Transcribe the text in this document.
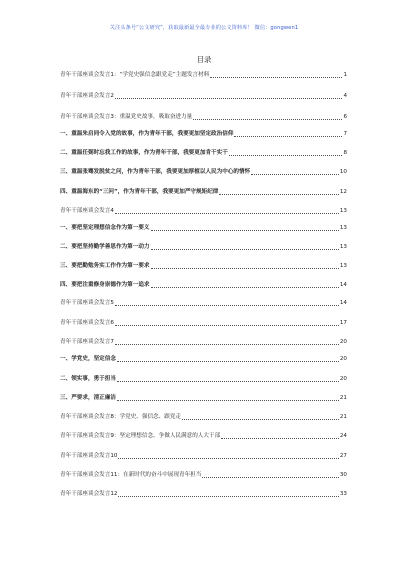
关注头条号“公文研究”，获取最新最全最专业的公文资料库！ 微信：gongwen1
目录
青年干部座谈会发言1：“学党史强信念跟党走”主题发言材料	1
青年干部座谈会发言2	4
青年干部座谈会发言3：重温党史故事，吸取奋进力量	6
一、重温朱启同令入党的故事，作为青年干部，我要更加坚定政治信仰	7
二、重温任弼时忘我工作的故事，作为青年干部，我要更加肯干实干	8
三、重温张骞发脱贫之问，作为青年干部，我要更加厚植以人民为中心的情怀	10
四、重温海东的“三问”，作为青年干部，我要更加严守规矩纪律	12
青年干部座谈会发言4	13
一、要把坚定理想信念作为第一要义	13
二、要把坚持勤学善思作为第一动力	13
三、要把勤勉务实工作作为第一要求	13
四、要把注重修身崇德作为第一追求	14
青年干部座谈会发言5	14
青年干部座谈会发言6	17
青年干部座谈会发言7	20
一、学党史，坚定信念	20
二、领实事，勇于担当	20
三、严要求，清正廉洁	21
青年干部座谈会发言8：学党史、强信念、跟党走	21
青年干部座谈会发言9：坚定理想信念，争做人民满意的人大干部	24
青年干部座谈会发言10	27
青年干部座谈会发言11：在新时代的奋斗中展现青年担当	30
青年干部座谈会发言12	33
